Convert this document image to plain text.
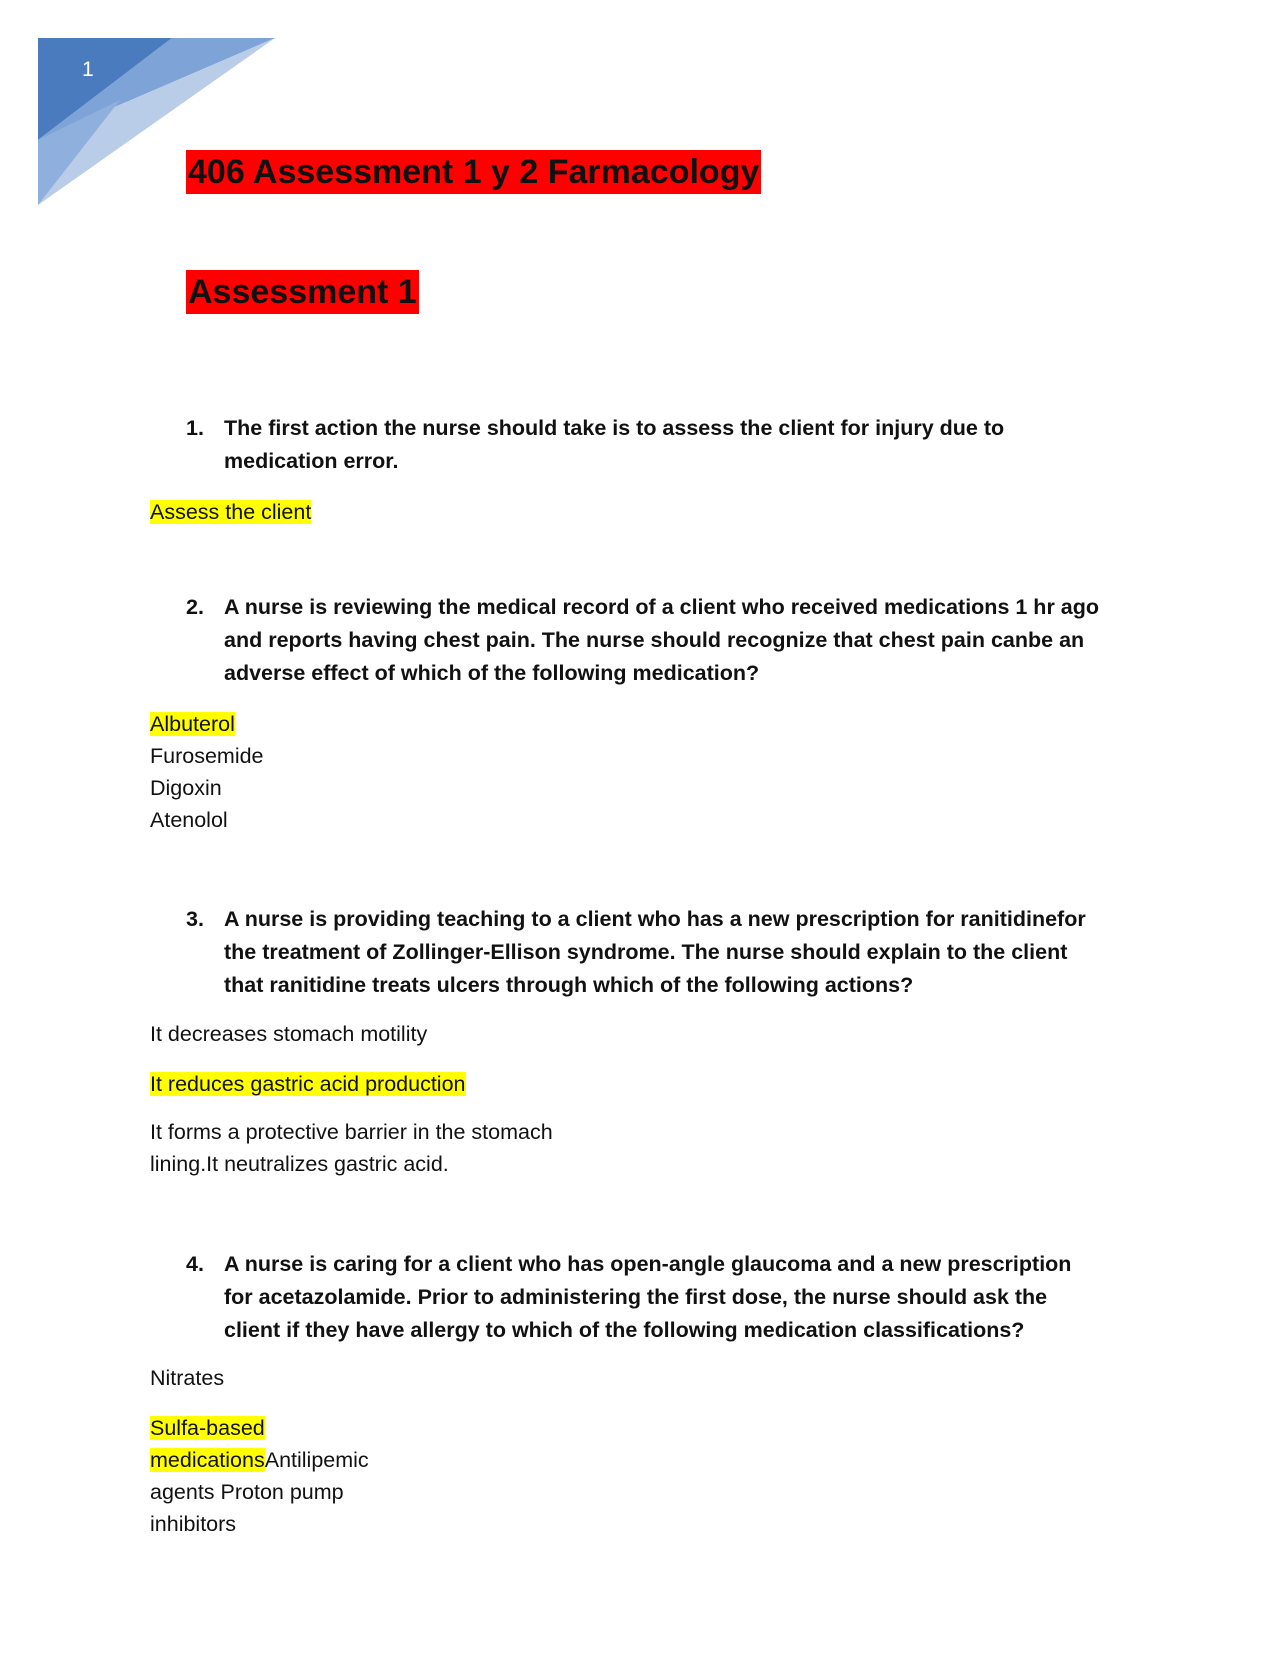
1
406 Assessment 1 y 2 Farmacology
Assessment 1
1. The first action the nurse should take is to assess the client for injury due to medication error.
Assess the client
2. A nurse is reviewing the medical record of a client who received medications 1 hr ago and reports having chest pain. The nurse should recognize that chest pain canbe an adverse effect of which of the following medication?
Albuterol
Furosemide
Digoxin
Atenolol
3. A nurse is providing teaching to a client who has a new prescription for ranitidinefor the treatment of Zollinger-Ellison syndrome. The nurse should explain to the client that ranitidine treats ulcers through which of the following actions?
It decreases stomach motility
It reduces gastric acid production
It forms a protective barrier in the stomach
lining.It neutralizes gastric acid.
4. A nurse is caring for a client who has open-angle glaucoma and a new prescription for acetazolamide. Prior to administering the first dose, the nurse should ask the client if they have allergy to which of the following medication classifications?
Nitrates
Sulfa-based
medicationsAntilipemic
agents Proton pump
inhibitors
